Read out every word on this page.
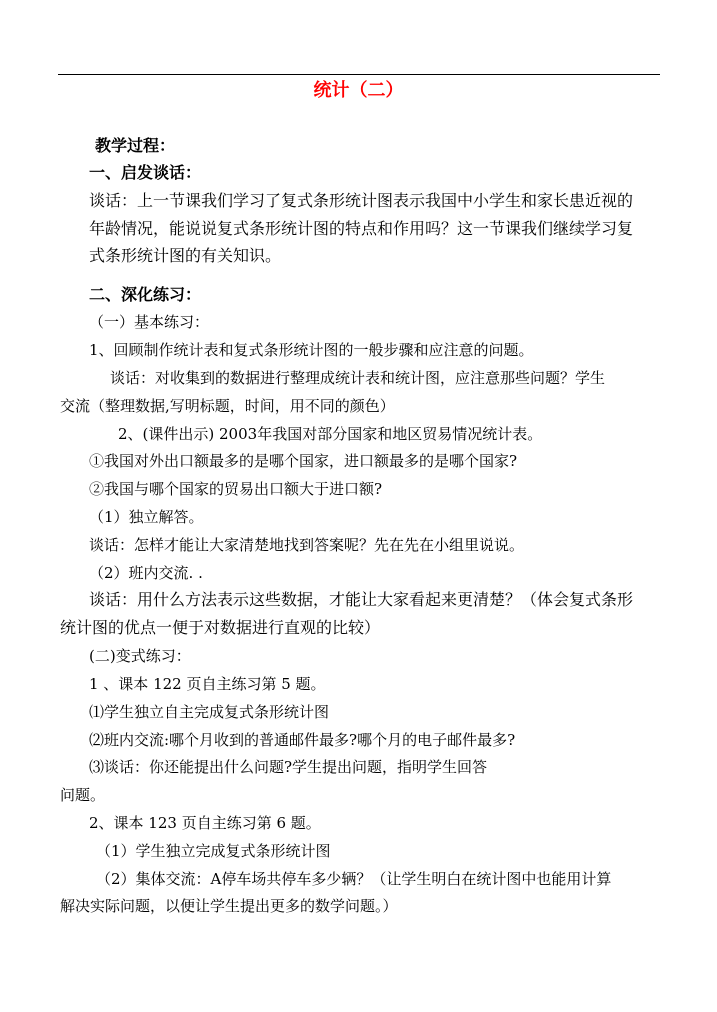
统计（二）
教学过程：
一、启发谈话：
谈话：上一节课我们学习了复式条形统计图表示我国中小学生和家长患近视的
年龄情况，能说说复式条形统计图的特点和作用吗？这一节课我们继续学习复
式条形统计图的有关知识。
二、深化练习：
（一）基本练习：
1、回顾制作统计表和复式条形统计图的一般步骤和应注意的问题。
谈话：对收集到的数据进行整理成统计表和统计图，应注意那些问题？学生
交流（整理数据,写明标题，时间，用不同的颜色）
2、(课件出示) 2003年我国对部分国家和地区贸易情况统计表。
①我国对外出口额最多的是哪个国家，进口额最多的是哪个国家?
②我国与哪个国家的贸易出口额大于进口额?
（1）独立解答。
谈话：怎样才能让大家清楚地找到答案呢？先在先在小组里说说。
（2）班内交流. .
谈话：用什么方法表示这些数据，才能让大家看起来更清楚？（体会复式条形
统计图的优点一便于对数据进行直观的比较）
(二)变式练习：
1 、课本 122 页自主练习第 5 题。
⑴学生独立自主完成复式条形统计图
⑵班内交流:哪个月收到的普通邮件最多?哪个月的电子邮件最多?
⑶谈话：你还能提出什么问题?学生提出问题，指明学生回答
问题。
2、课本 123 页自主练习第 6 题。
（1）学生独立完成复式条形统计图
（2）集体交流：A停车场共停车多少辆？（让学生明白在统计图中也能用计算
解决实际问题，以便让学生提出更多的数学问题。）
